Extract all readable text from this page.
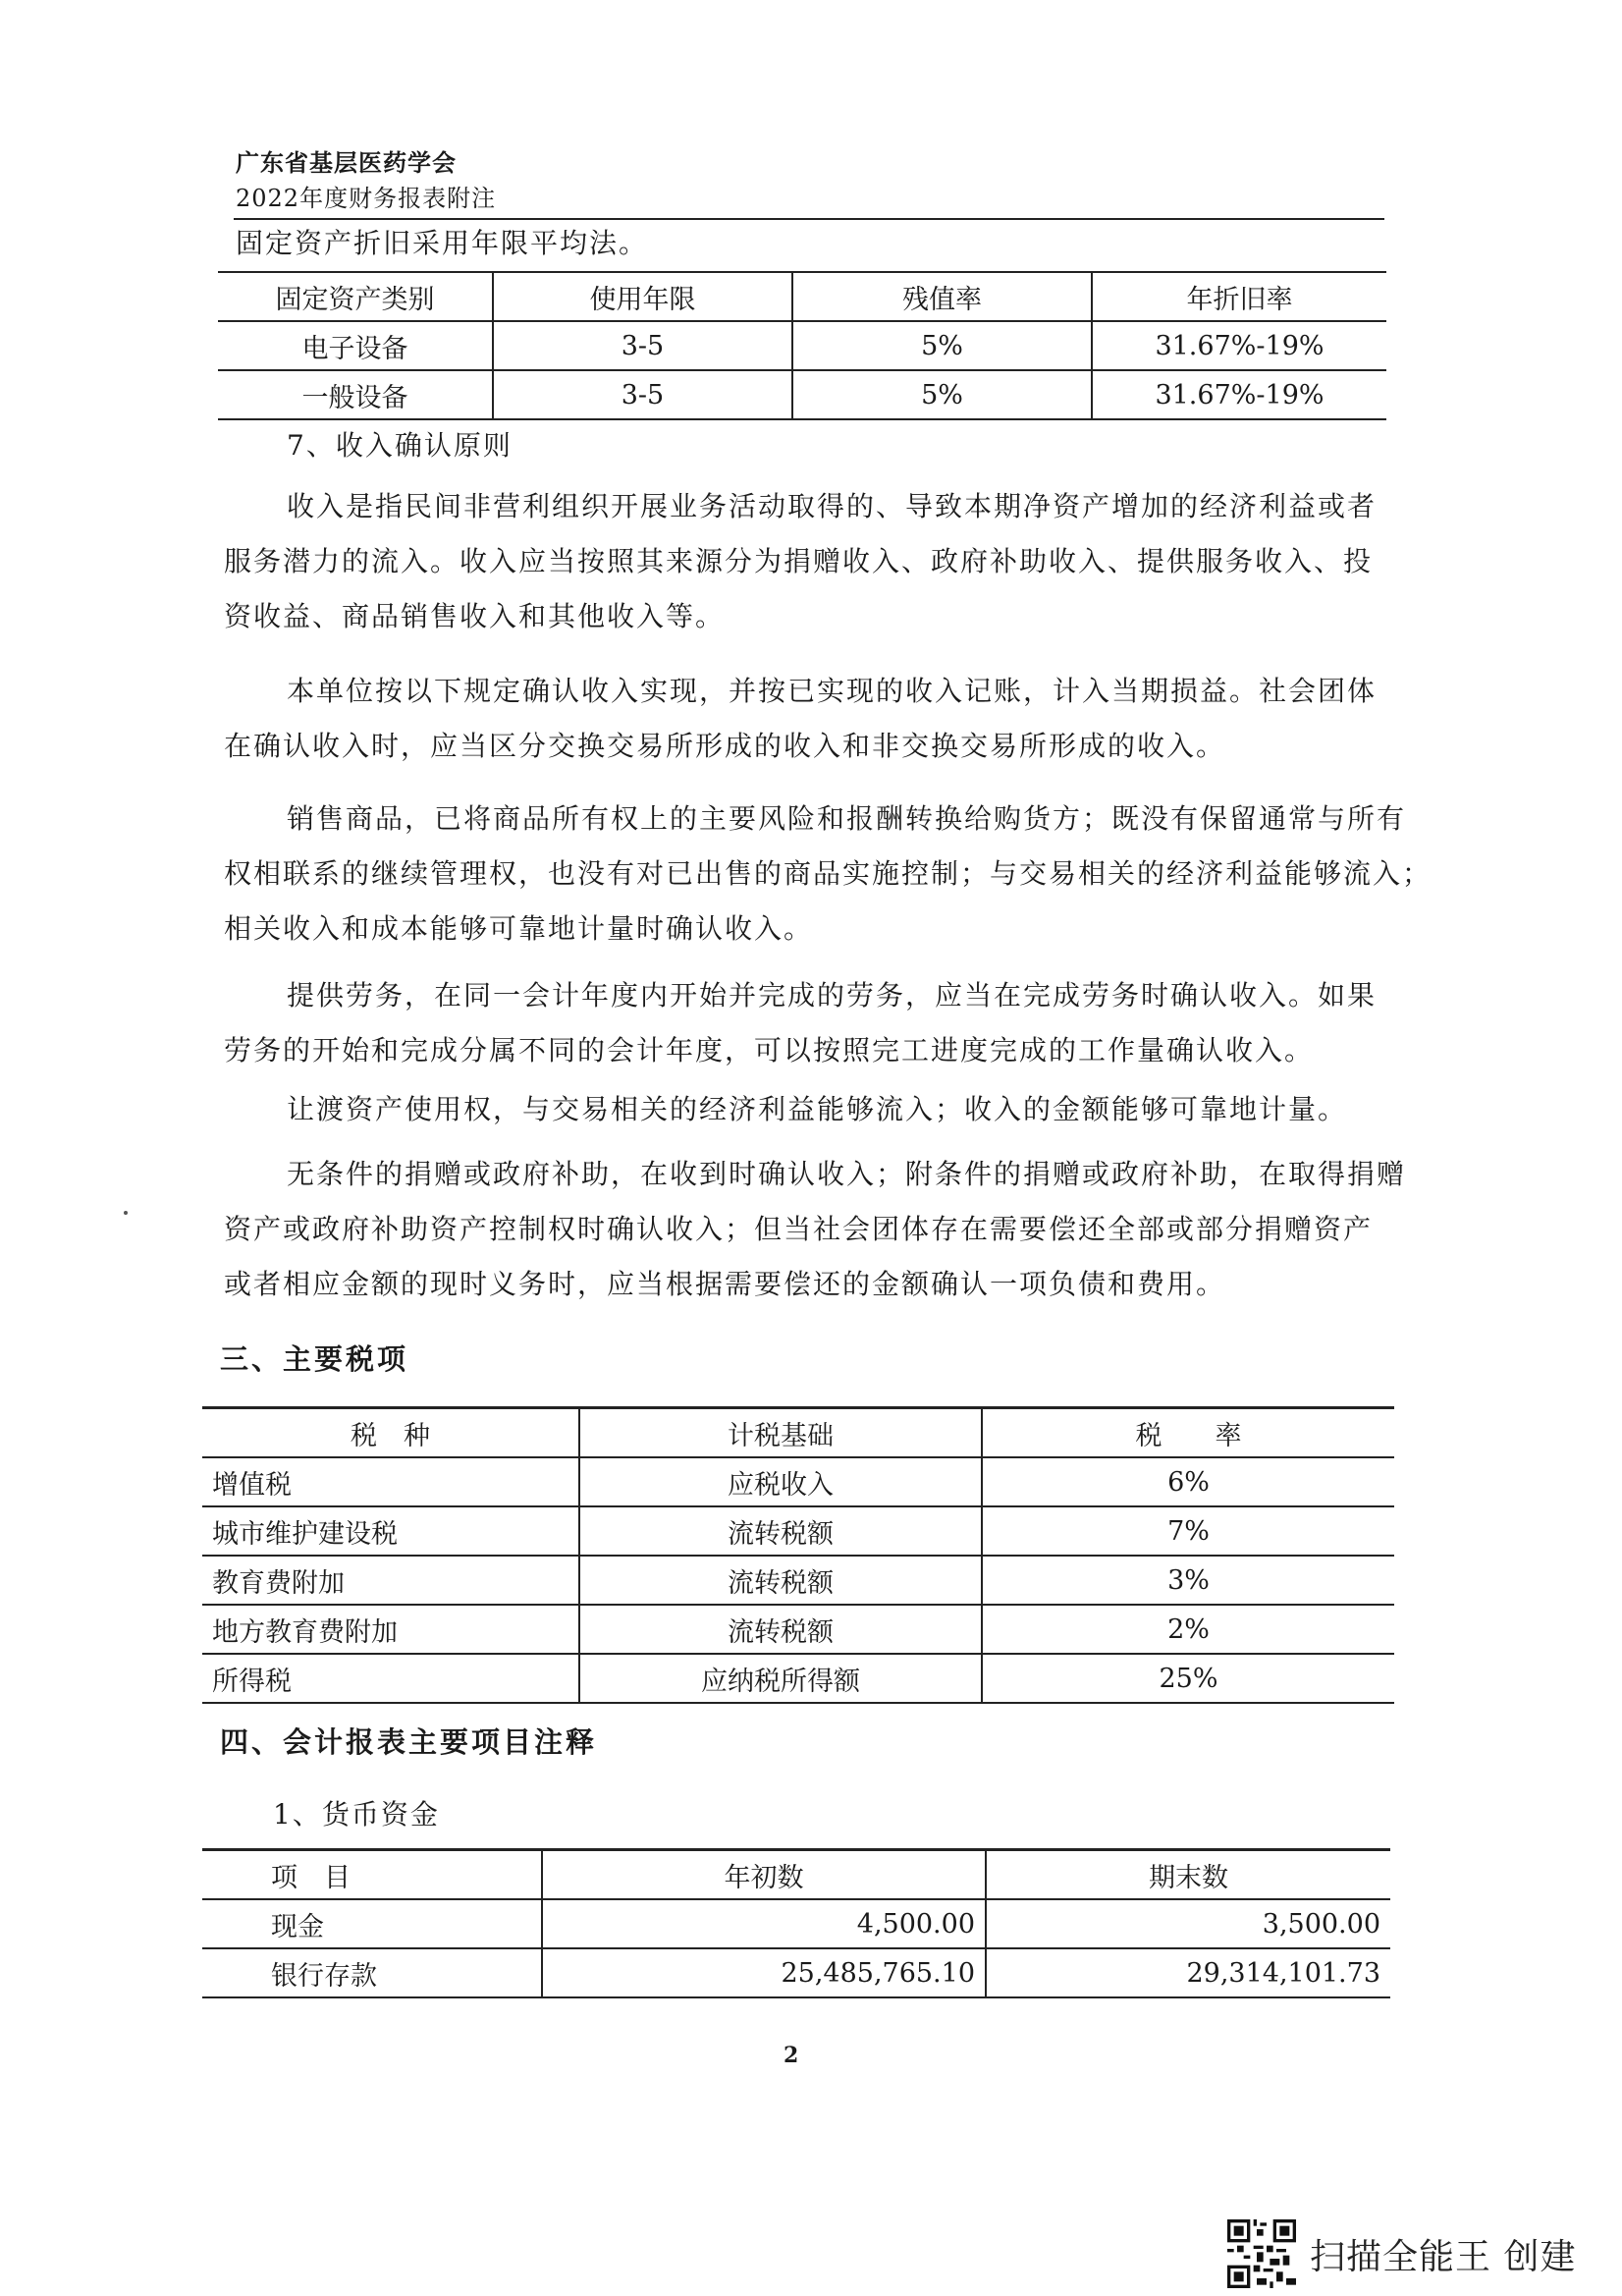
广东省基层医药学会
2022年度财务报表附注
固定资产折旧采用年限平均法。
固定资产类别	使用年限	残值率	年折旧率
电子设备	3-5	5%	31.67%-19%
一般设备	3-5	5%	31.67%-19%
7、收入确认原则
收入是指民间非营利组织开展业务活动取得的、导致本期净资产增加的经济利益或者
服务潜力的流入。收入应当按照其来源分为捐赠收入、政府补助收入、提供服务收入、投
资收益、商品销售收入和其他收入等。
本单位按以下规定确认收入实现，并按已实现的收入记账，计入当期损益。社会团体
在确认收入时，应当区分交换交易所形成的收入和非交换交易所形成的收入。
销售商品，已将商品所有权上的主要风险和报酬转换给购货方；既没有保留通常与所有
权相联系的继续管理权，也没有对已出售的商品实施控制；与交易相关的经济利益能够流入；
相关收入和成本能够可靠地计量时确认收入。
提供劳务，在同一会计年度内开始并完成的劳务，应当在完成劳务时确认收入。如果
劳务的开始和完成分属不同的会计年度，可以按照完工进度完成的工作量确认收入。
让渡资产使用权，与交易相关的经济利益能够流入；收入的金额能够可靠地计量。
无条件的捐赠或政府补助，在收到时确认收入；附条件的捐赠或政府补助，在取得捐赠
资产或政府补助资产控制权时确认收入；但当社会团体存在需要偿还全部或部分捐赠资产
或者相应金额的现时义务时，应当根据需要偿还的金额确认一项负债和费用。
三、主要税项
税　种	计税基础	税　　率
增值税	应税收入	6%
城市维护建设税	流转税额	7%
教育费附加	流转税额	3%
地方教育费附加	流转税额	2%
所得税	应纳税所得额	25%
四、会计报表主要项目注释
1、货币资金
项　目	年初数	期末数
现金	4,500.00	3,500.00
银行存款	25,485,765.10	29,314,101.73
2
扫描全能王 创建
